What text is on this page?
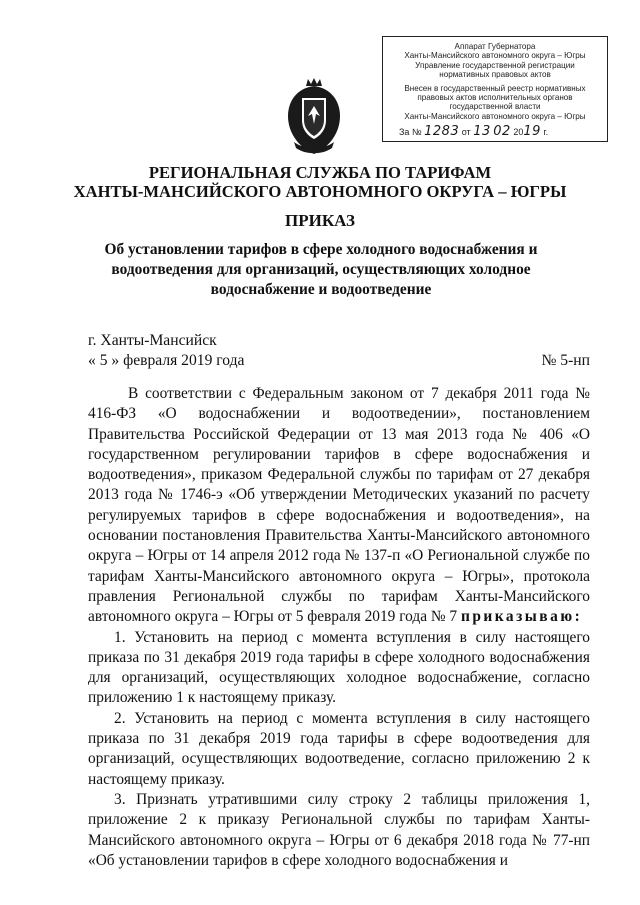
Аппарат Губернатора
Ханты-Мансийского автономного округа – Югры
Управление государственной регистрации
нормативных правовых актов
Внесен в государственный реестр нормативных
правовых актов исполнительных органов
государственной власти
Ханты-Мансийского автономного округа – Югры
За № 1283 от 13 02 2019 г.
РЕГИОНАЛЬНАЯ СЛУЖБА ПО ТАРИФАМ
ХАНТЫ-МАНСИЙСКОГО АВТОНОМНОГО ОКРУГА – ЮГРЫ
ПРИКАЗ
Об установлении тарифов в сфере холодного водоснабжения и водоотведения для организаций, осуществляющих холодное водоснабжение и водоотведение
г. Ханты-Мансийск
« 5 » февраля 2019 года	№ 5-нп

В соответствии с Федеральным законом от 7 декабря 2011 года № 416-ФЗ «О водоснабжении и водоотведении», постановлением Правительства Российской Федерации от 13 мая 2013 года № 406 «О государственном регулировании тарифов в сфере водоснабжения и водоотведения», приказом Федеральной службы по тарифам от 27 декабря 2013 года № 1746-э «Об утверждении Методических указаний по расчету регулируемых тарифов в сфере водоснабжения и водоотведения», на основании постановления Правительства Ханты-Мансийского автономного округа – Югры от 14 апреля 2012 года № 137-п «О Региональной службе по тарифам Ханты-Мансийского автономного округа – Югры», протокола правления Региональной службы по тарифам Ханты-Мансийского автономного округа – Югры от 5 февраля 2019 года № 7 приказываю:

1. Установить на период с момента вступления в силу настоящего приказа по 31 декабря 2019 года тарифы в сфере холодного водоснабжения для организаций, осуществляющих холодное водоснабжение, согласно приложению 1 к настоящему приказу.

2. Установить на период с момента вступления в силу настоящего приказа по 31 декабря 2019 года тарифы в сфере водоотведения для организаций, осуществляющих водоотведение, согласно приложению 2 к настоящему приказу.

3. Признать утратившими силу строку 2 таблицы приложения 1, приложение 2 к приказу Региональной службы по тарифам Ханты-Мансийского автономного округа – Югры от 6 декабря 2018 года № 77-нп «Об установлении тарифов в сфере холодного водоснабжения и
